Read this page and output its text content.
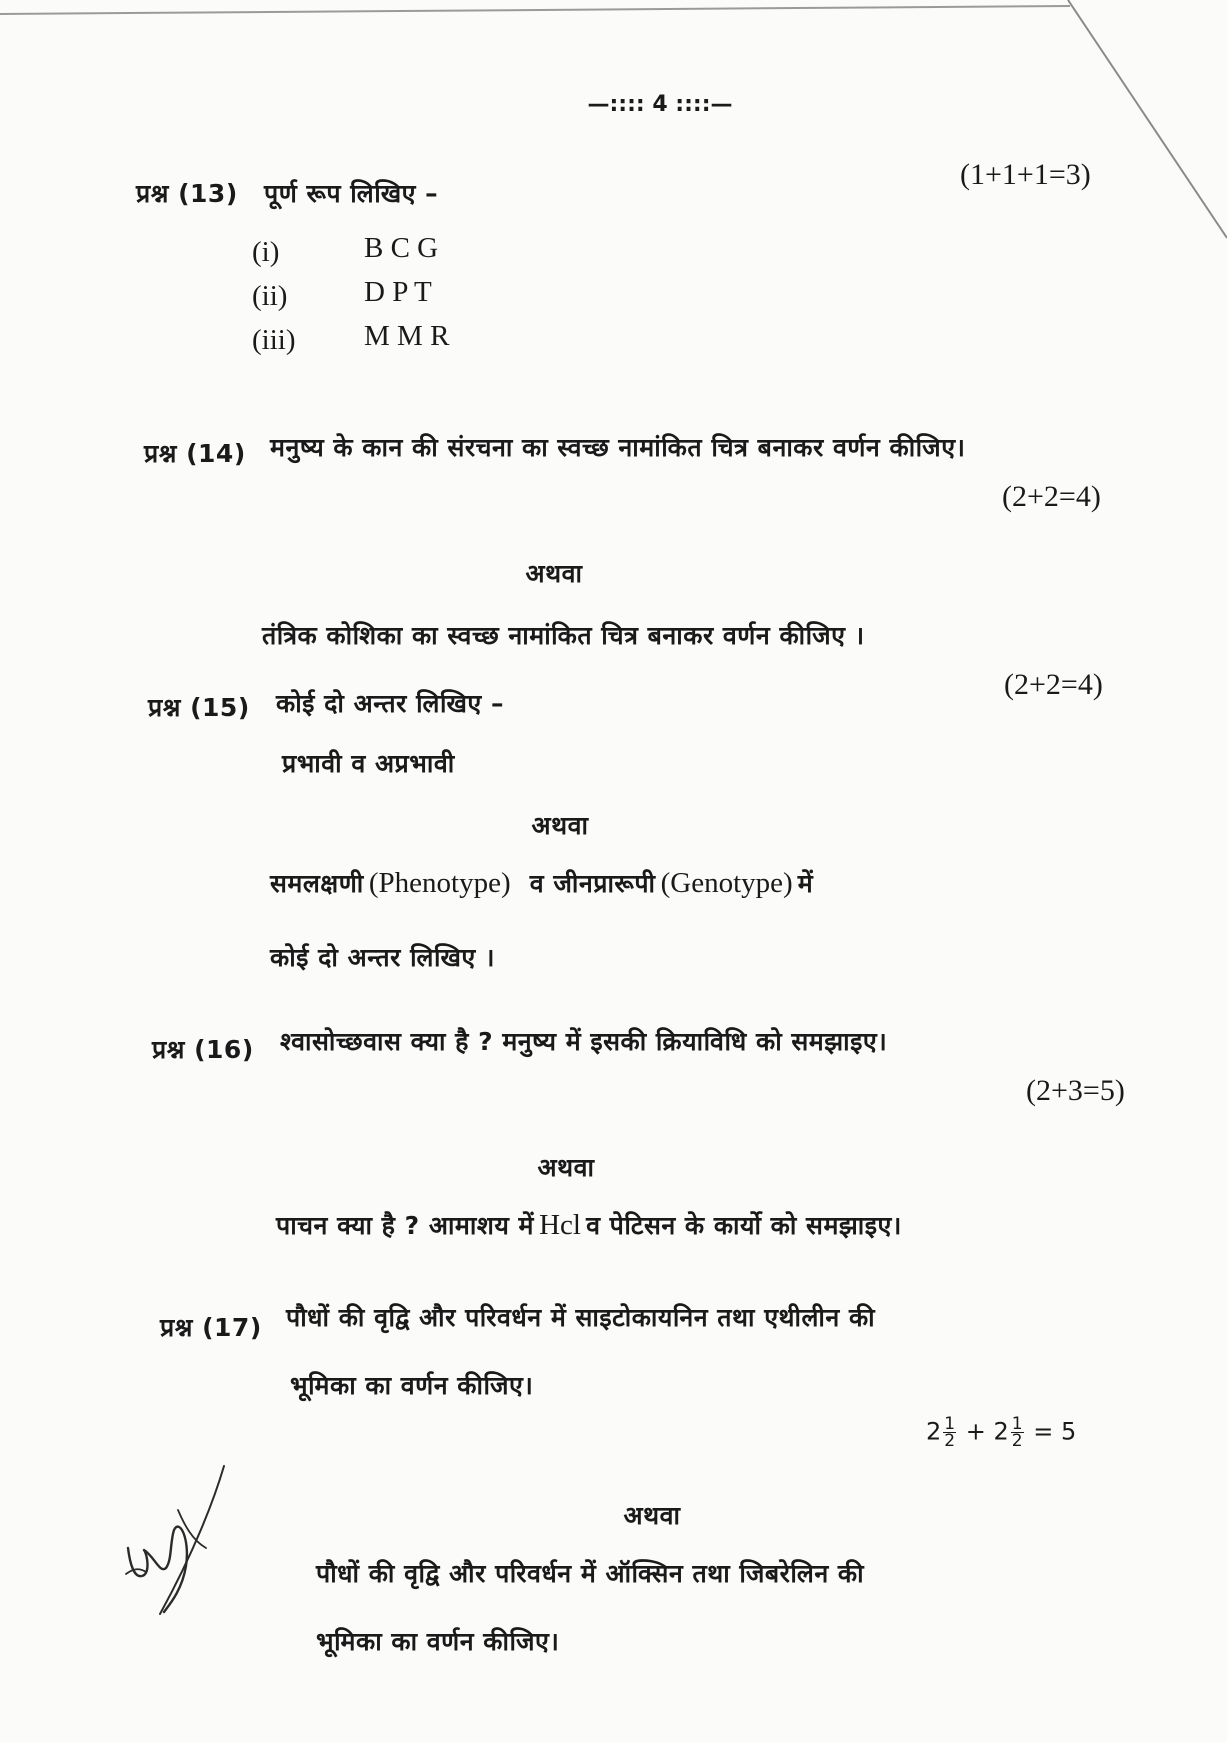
—:::: 4 ::::—
प्रश्न (13) पूर्ण रूप लिखिए –
(1+1+1=3)
(i)	B C G
(ii)	D P T
(iii) M M R
प्रश्न (14) मनुष्य के कान की संरचना का स्वच्छ नामांकित चित्र बनाकर वर्णन कीजिए।
(2+2=4)
अथवा
तंत्रिक कोशिका का स्वच्छ नामांकित चित्र बनाकर वर्णन कीजिए ।
प्रश्न (15) कोई दो अन्तर लिखिए –
(2+2=4)
प्रभावी व अप्रभावी
अथवा
समलक्षणी (Phenotype) व जीनप्रारूपी (Genotype) में
कोई दो अन्तर लिखिए ।
प्रश्न (16) श्वासोच्छवास क्या है ? मनुष्य में इसकी क्रियाविधि को समझाइए।
(2+3=5)
अथवा
पाचन क्या है ? आमाशय में Hcl व पेटिसन के कार्यो को समझाइए।
प्रश्न (17) पौधों की वृद्वि और परिवर्धन में साइटोकायनिन तथा एथीलीन की
भूमिका का वर्णन कीजिए।
$2 \frac{1}{2} + 2 \frac{1}{2} = 5$
अथवा
पौधों की वृद्वि और परिवर्धन में ऑक्सिन तथा जिबरेलिन की
भूमिका का वर्णन कीजिए।
